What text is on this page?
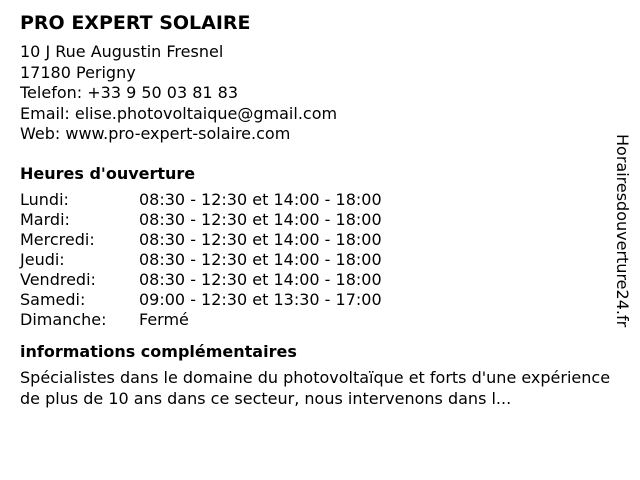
PRO EXPERT SOLAIRE
10 J Rue Augustin Fresnel
17180 Perigny
Telefon: +33 9 50 03 81 83
Email: elise.photovoltaique@gmail.com
Web: www.pro-expert-solaire.com
Heures d'ouverture
Lundi:	08:30 - 12:30 et 14:00 - 18:00
Mardi:	08:30 - 12:30 et 14:00 - 18:00
Mercredi:	08:30 - 12:30 et 14:00 - 18:00
Jeudi:	08:30 - 12:30 et 14:00 - 18:00
Vendredi:	08:30 - 12:30 et 14:00 - 18:00
Samedi:	09:00 - 12:30 et 13:30 - 17:00
Dimanche:	Fermé
informations complémentaires
Spécialistes dans le domaine du photovoltaïque et forts d'une expérience de plus de 10 ans dans ce secteur, nous intervenons dans l...
Horairesdouverture24.fr
